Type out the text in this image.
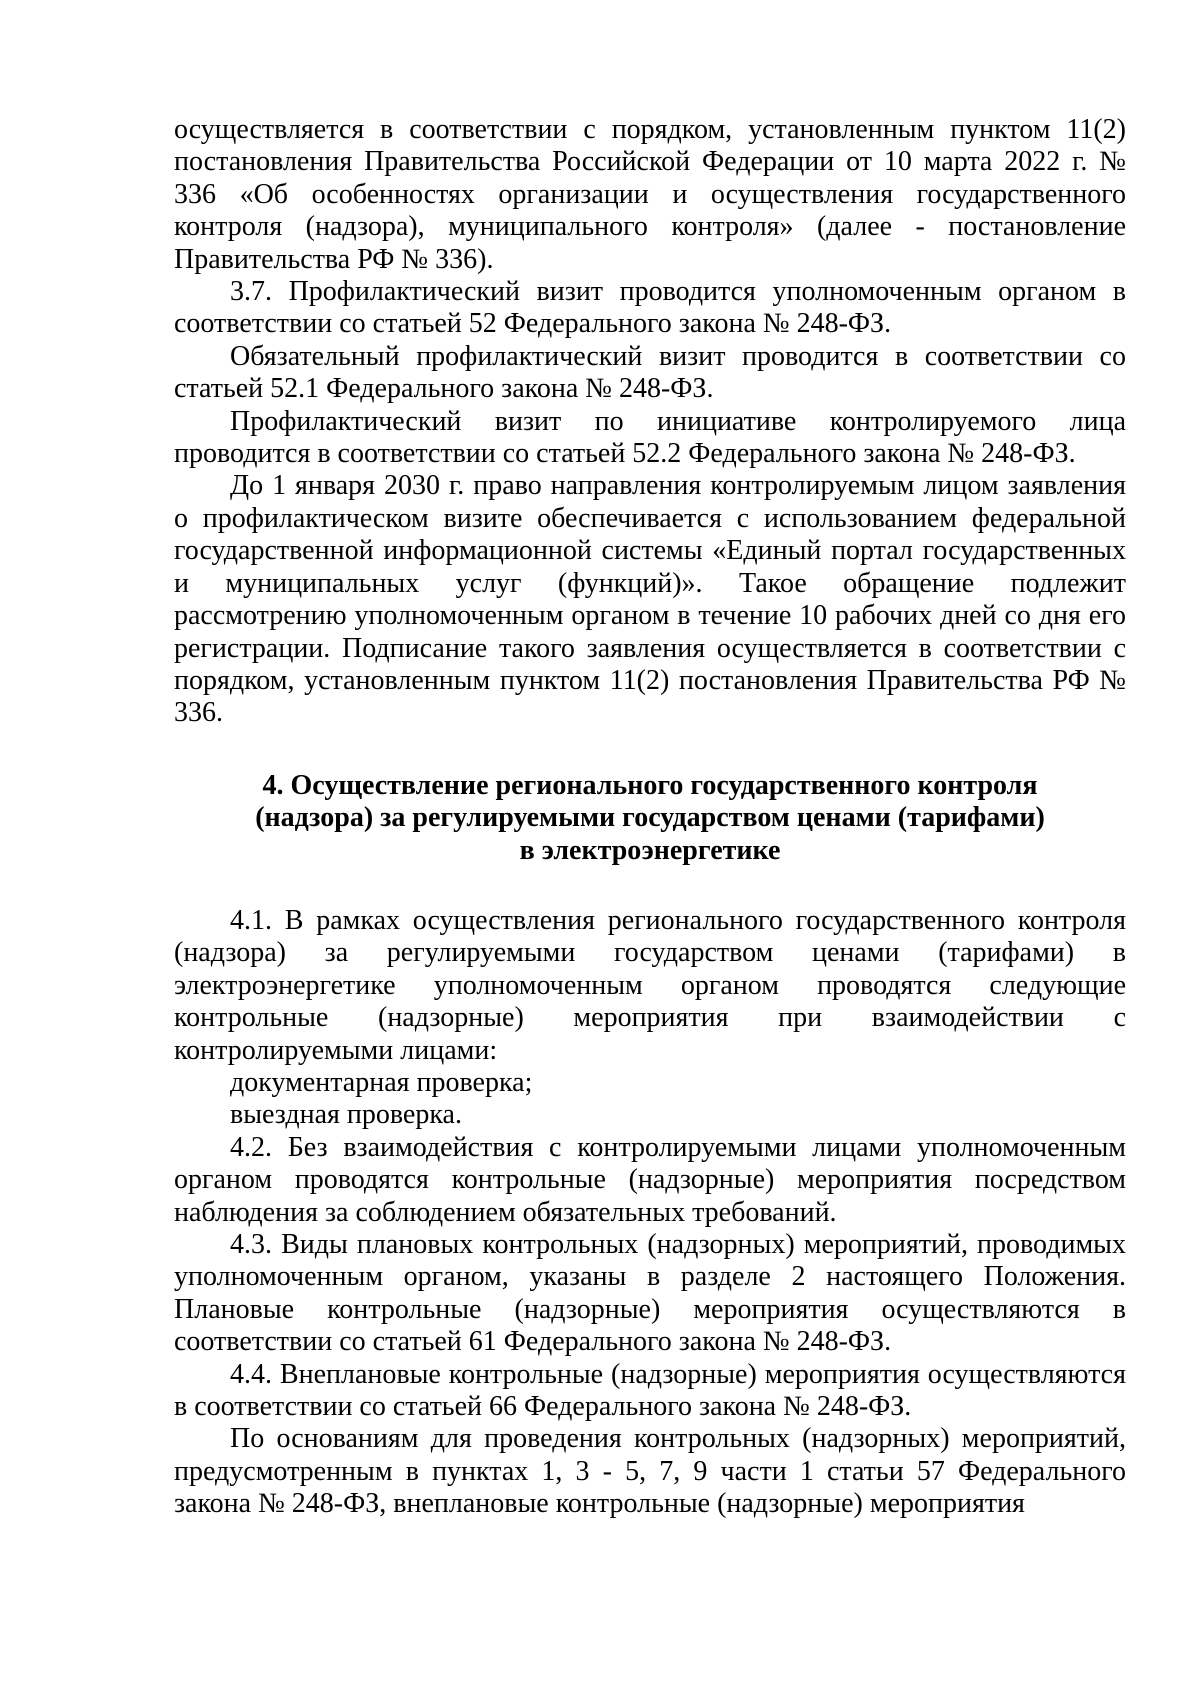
осуществляется в соответствии с порядком, установленным пунктом 11(2) постановления Правительства Российской Федерации от 10 марта 2022 г. № 336 «Об особенностях организации и осуществления государственного контроля (надзора), муниципального контроля» (далее - постановление Правительства РФ № 336).

3.7. Профилактический визит проводится уполномоченным органом в соответствии со статьей 52 Федерального закона № 248-ФЗ.

Обязательный профилактический визит проводится в соответствии со статьей 52.1 Федерального закона № 248-ФЗ.

Профилактический визит по инициативе контролируемого лица проводится в соответствии со статьей 52.2 Федерального закона № 248-ФЗ.

До 1 января 2030 г. право направления контролируемым лицом заявления о профилактическом визите обеспечивается с использованием федеральной государственной информационной системы «Единый портал государственных и муниципальных услуг (функций)». Такое обращение подлежит рассмотрению уполномоченным органом в течение 10 рабочих дней со дня его регистрации. Подписание такого заявления осуществляется в соответствии с порядком, установленным пунктом 11(2) постановления Правительства РФ № 336.

4. Осуществление регионального государственного контроля
(надзора) за регулируемыми государством ценами (тарифами)
в электроэнергетике

4.1. В рамках осуществления регионального государственного контроля (надзора) за регулируемыми государством ценами (тарифами) в электроэнергетике уполномоченным органом проводятся следующие контрольные (надзорные) мероприятия при взаимодействии с контролируемыми лицами:

документарная проверка;

выездная проверка.

4.2. Без взаимодействия с контролируемыми лицами уполномоченным органом проводятся контрольные (надзорные) мероприятия посредством наблюдения за соблюдением обязательных требований.

4.3. Виды плановых контрольных (надзорных) мероприятий, проводимых уполномоченным органом, указаны в разделе 2 настоящего Положения. Плановые контрольные (надзорные) мероприятия осуществляются в соответствии со статьей 61 Федерального закона № 248-ФЗ.

4.4. Внеплановые контрольные (надзорные) мероприятия осуществляются в соответствии со статьей 66 Федерального закона № 248-ФЗ.

По основаниям для проведения контрольных (надзорных) мероприятий, предусмотренным в пунктах 1, 3 - 5, 7, 9 части 1 статьи 57 Федерального закона № 248-ФЗ, внеплановые контрольные (надзорные) мероприятия
